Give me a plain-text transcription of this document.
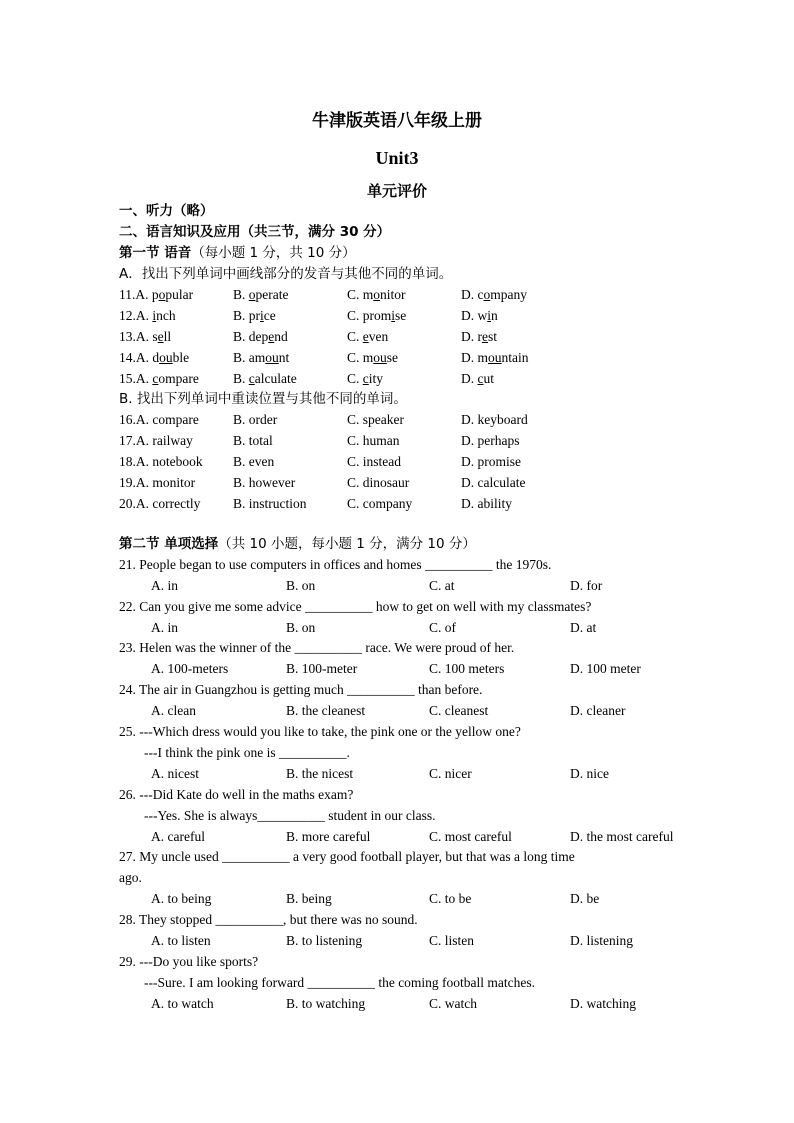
牛津版英语八年级上册
Unit3
单元评价
一、听力（略）
二、语言知识及应用（共三节，满分 30 分）
第一节 语音（每小题 1 分，共 10 分）
A．找出下列单词中画线部分的发音与其他不同的单词。
11.A. popular	B. operate	C. monitor	D. company
12.A. inch	B. price	C. promise	D. win
13.A. sell	B. depend	C. even	D. rest
14.A. double	B. amount	C. mouse	D. mountain
15.A. compare	B. calculate	C. city	D. cut
B. 找出下列单词中重读位置与其他不同的单词。
16.A. compare	B. order	C. speaker	D. keyboard
17.A. railway	B. total	C. human	D. perhaps
18.A. notebook B. even	C. instead	D. promise
19.A. monitor	B. however	C. dinosaur	D. calculate
20.A. correctly B. instruction	C. company	D. ability
第二节 单项选择（共 10 小题，每小题 1 分，满分 10 分）
21. People began to use computers in offices and homes __________ the 1970s.
A. in	B. on	C. at	D. for
22. Can you give me some advice __________ how to get on well with my classmates?
A. in	B. on	C. of	D. at
23. Helen was the winner of the __________ race. We were proud of her.
A. 100-meters	B. 100-meter	C. 100 meters	D. 100 meter
24. The air in Guangzhou is getting much __________ than before.
A. clean	B. the cleanest	C. cleanest	D. cleaner
25. ---Which dress would you like to take, the pink one or the yellow one?
---I think the pink one is __________.
A. nicest	B. the nicest	C. nicer	D. nice
26. ---Did Kate do well in the maths exam?
---Yes. She is always__________ student in our class.
A. careful	B. more careful	C. most careful	D. the most careful
27. My uncle used __________ a very good football player, but that was a long time
ago.
A. to being	B. being	C. to be	D. be
28. They stopped __________, but there was no sound.
A. to listen	B. to listening	C. listen	D. listening
29. ---Do you like sports?
---Sure. I am looking forward __________ the coming football matches.
A. to watch	B. to watching	C. watch	D. watching
